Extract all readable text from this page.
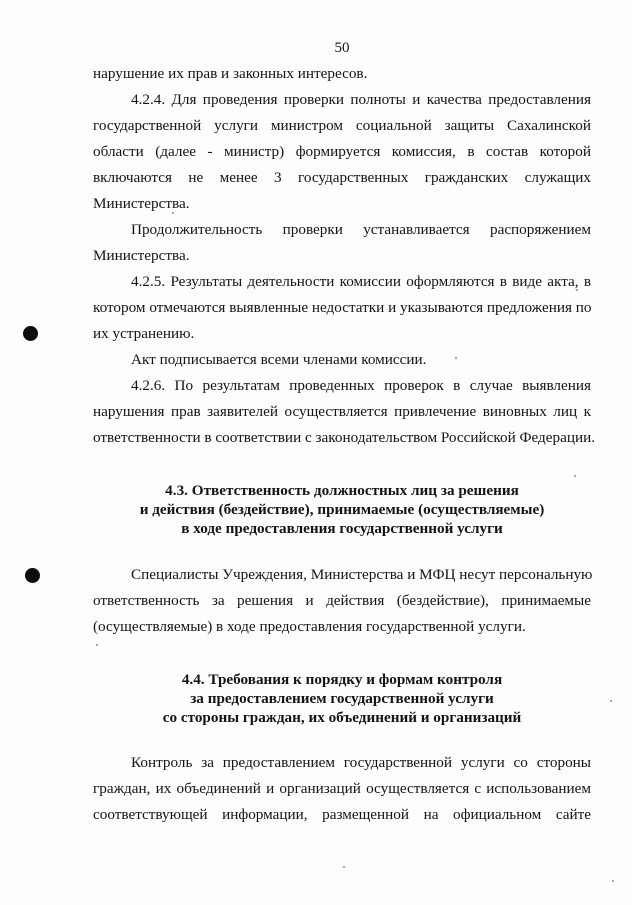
50
нарушение их прав и законных интересов.
4.2.4. Для проведения проверки полноты и качества предоставления
государственной услуги министром социальной защиты Сахалинской
области (далее - министр) формируется комиссия, в состав которой
включаются не менее 3 государственных гражданских служащих
Министерства.
Продолжительность проверки устанавливается распоряжением
Министерства.
4.2.5. Результаты деятельности комиссии оформляются в виде акта, в
котором отмечаются выявленные недостатки и указываются предложения по
их устранению.
Акт подписывается всеми членами комиссии.
4.2.6. По результатам проведенных проверок в случае выявления
нарушения прав заявителей осуществляется привлечение виновных лиц к
ответственности в соответствии с законодательством Российской Федерации.
4.3. Ответственность должностных лиц за решения
и действия (бездействие), принимаемые (осуществляемые)
в ходе предоставления государственной услуги
Специалисты Учреждения, Министерства и МФЦ несут персональную
ответственность за решения и действия (бездействие), принимаемые
(осуществляемые) в ходе предоставления государственной услуги.
4.4. Требования к порядку и формам контроля
за предоставлением государственной услуги
со стороны граждан, их объединений и организаций
Контроль за предоставлением государственной услуги со стороны
граждан, их объединений и организаций осуществляется с использованием
соответствующей информации, размещенной на официальном сайте
